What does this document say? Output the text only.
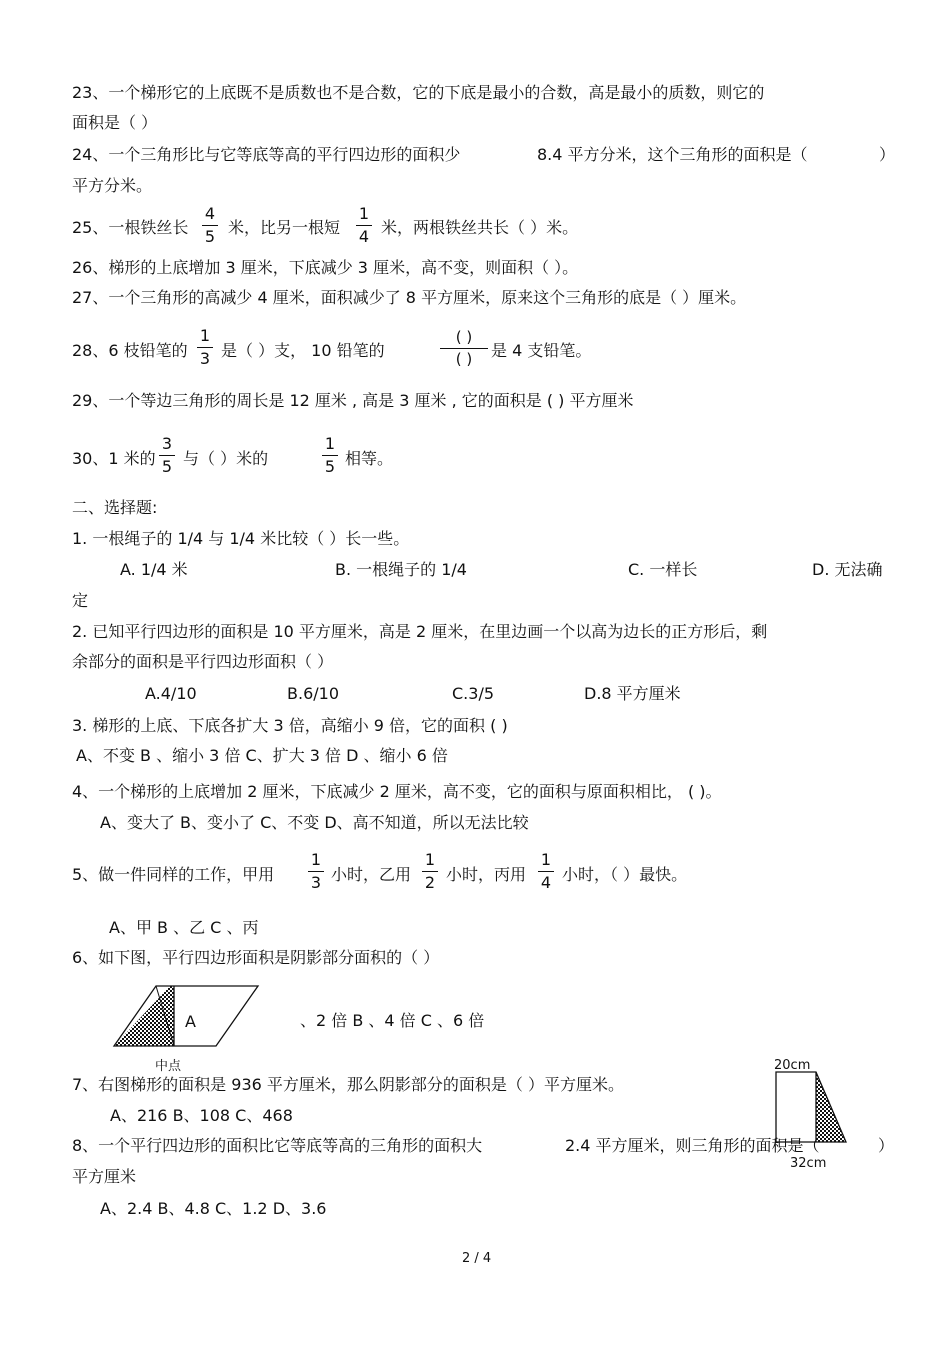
23、一个梯形它的上底既不是质数也不是合数，它的下底是最小的合数，高是最小的质数，则它的
面积是（ ）
24、一个三角形比与它等底等高的平行四边形的面积少	8.4 平方分米，这个三角形的面积是（	）
平方分米。
25、一根铁丝长 $\frac{4}{5}$ 米，比另一根短 $\frac{1}{4}$ 米，两根铁丝共长（ ）米。
26、梯形的上底增加 3 厘米，下底减少 3 厘米，高不变，则面积（ ）。
27、一个三角形的高减少 4 厘米，面积减少了 8 平方厘米，原来这个三角形的底是（ ）厘米。
28、6 枝铅笔的 $\frac{1}{3}$ 是（ ）支， 10 铅笔的
( )
( )	是 4 支铅笔。
29、一个等边三角形的周长是 12 厘米 , 高是 3 厘米 , 它的面积是 ( ) 平方厘米
30、1 米的 $\frac{3}{5}$ 与（ ）米的	$\frac{1}{5}$ 相等。
二、选择题:
1. 一根绳子的 1/4 与 1/4 米比较（ ）长一些。
A. 1/4 米	B. 一根绳子的 1/4	C. 一样长	D. 无法确
定
2. 已知平行四边形的面积是 10 平方厘米，高是 2 厘米，在里边画一个以高为边长的正方形后，剩
余部分的面积是平行四边形面积（ ）
A.4/10	B.6/10	C.3/5	D.8 平方厘米
3. 梯形的上底、下底各扩大 3 倍，高缩小 9 倍，它的面积 ( )
A、不变 B 、缩小 3 倍 C、扩大 3 倍 D 、缩小 6 倍
4、一个梯形的上底增加 2 厘米，下底减少 2 厘米，高不变，它的面积与原面积相比， ( )。
A、变大了 B、变小了 C、不变 D、高不知道，所以无法比较
5、做一件同样的工作，甲用 $\frac{1}{3}$ 小时，乙用 $\frac{1}{2}$ 小时，丙用 $\frac{1}{4}$ 小时，（ ）最快。
A、甲 B 、乙 C 、丙
6、如下图，平行四边形面积是阴影部分面积的（ ）
A
中点
、2 倍 B 、4 倍 C 、6 倍
7、右图梯形的面积是 936 平方厘米，那么阴影部分的面积是（ ）平方厘米。
A、216 B、108 C、468
20cm
32cm
8、一个平行四边形的面积比它等底等高的三角形的面积大	2.4 平方厘米，则三角形的面积是（	）
平方厘米
A、2.4 B、4.8 C、1.2 D、3.6
2 / 4
